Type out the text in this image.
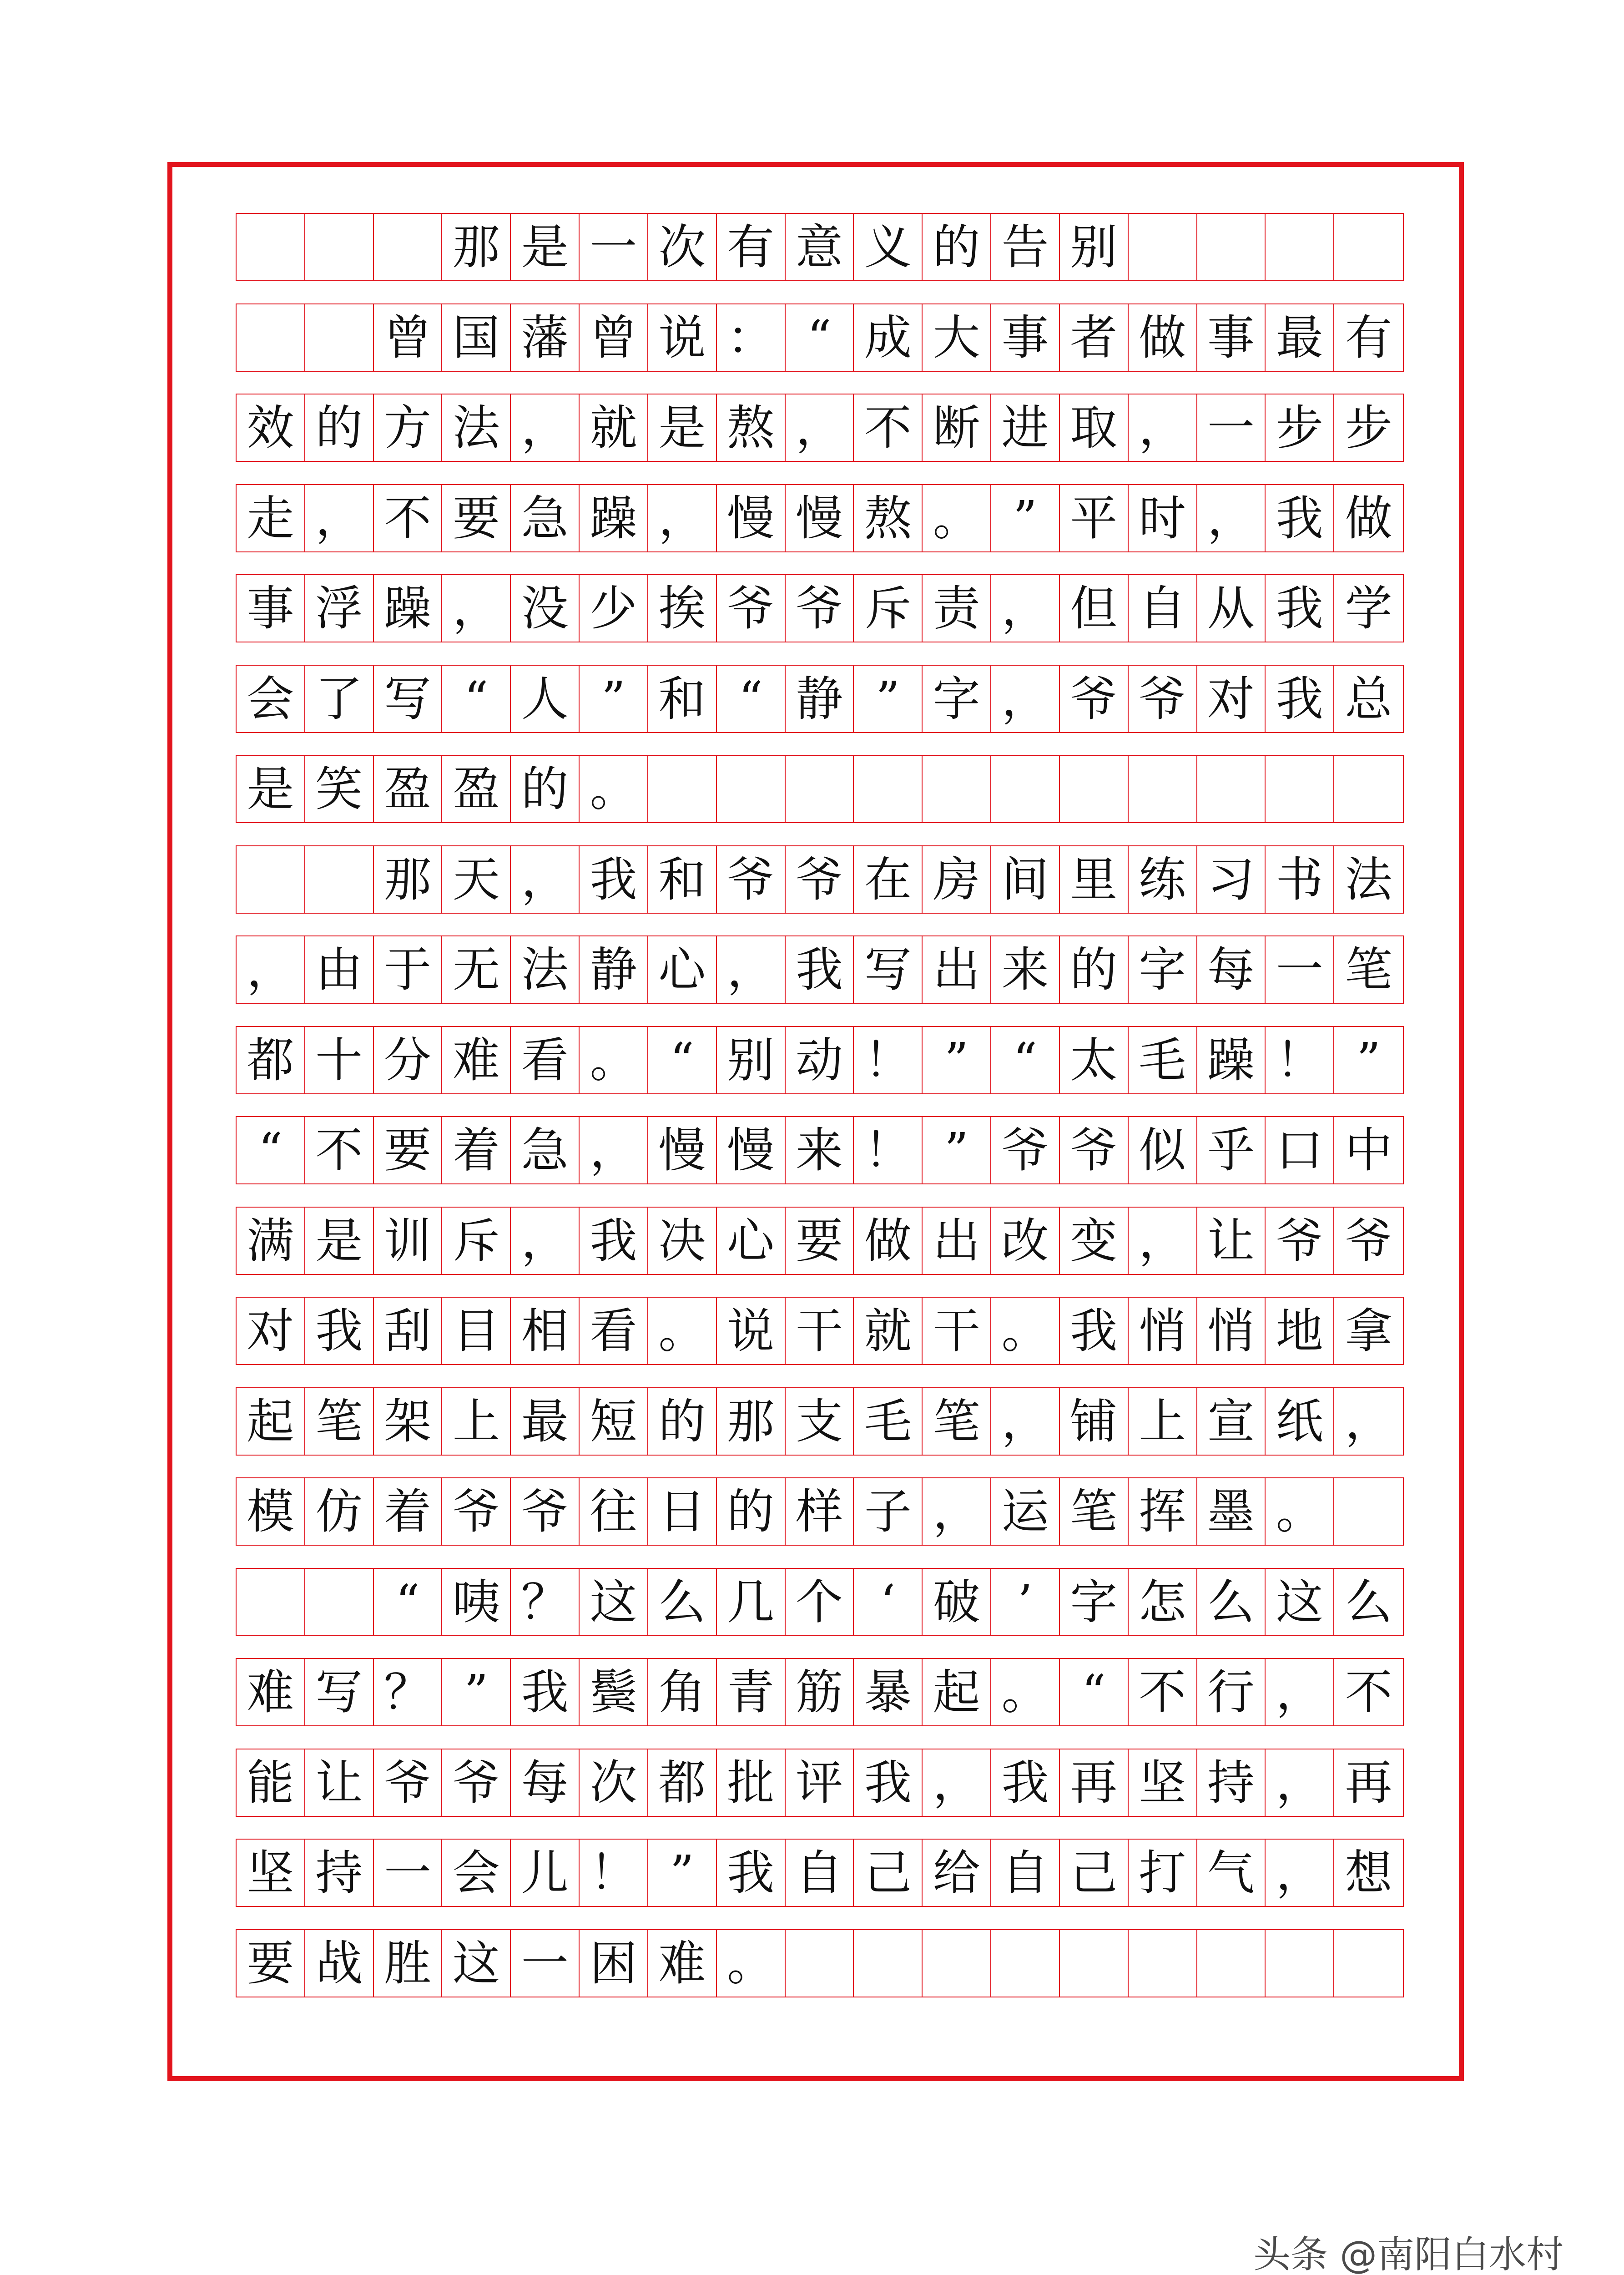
那 是 一 次 有 意 义 的 告 别
曾 国 藩 曾 说 ： “ 成 大 事 者 做 事 最 有
效 的 方 法 ， 就 是 熬 ， 不 断 进 取 ， 一 步 步
走 ， 不 要 急 躁 ， 慢 慢 熬 。 ” 平 时 ， 我 做
事 浮 躁 ， 没 少 挨 爷 爷 斥 责 ， 但 自 从 我 学
会 了 写 “ 人 ” 和 “ 静 ” 字 ， 爷 爷 对 我 总
是 笑 盈 盈 的 。
那 天 ， 我 和 爷 爷 在 房 间 里 练 习 书 法
， 由 于 无 法 静 心 ， 我 写 出 来 的 字 每 一 笔
都 十 分 难 看 。 “ 别 动 ！ ” “ 太 毛 躁 ！ ”
“ 不 要 着 急 ， 慢 慢 来 ！ ” 爷 爷 似 乎 口 中
满 是 训 斥 ， 我 决 心 要 做 出 改 变 ， 让 爷 爷
对 我 刮 目 相 看 。 说 干 就 干 。 我 悄 悄 地 拿
起 笔 架 上 最 短 的 那 支 毛 笔 ， 铺 上 宣 纸 ，
模 仿 着 爷 爷 往 日 的 样 子 ， 运 笔 挥 墨 。
“ 咦 ？ 这 么 几 个 ‘ 破 ’ 字 怎 么 这 么
难 写 ？ ” 我 鬓 角 青 筋 暴 起 。 “ 不 行 ， 不
能 让 爷 爷 每 次 都 批 评 我 ， 我 再 坚 持 ， 再
坚 持 一 会 儿 ！ ” 我 自 己 给 自 己 打 气 ， 想
要 战 胜 这 一 困 难 。
头条 @南阳白水村
